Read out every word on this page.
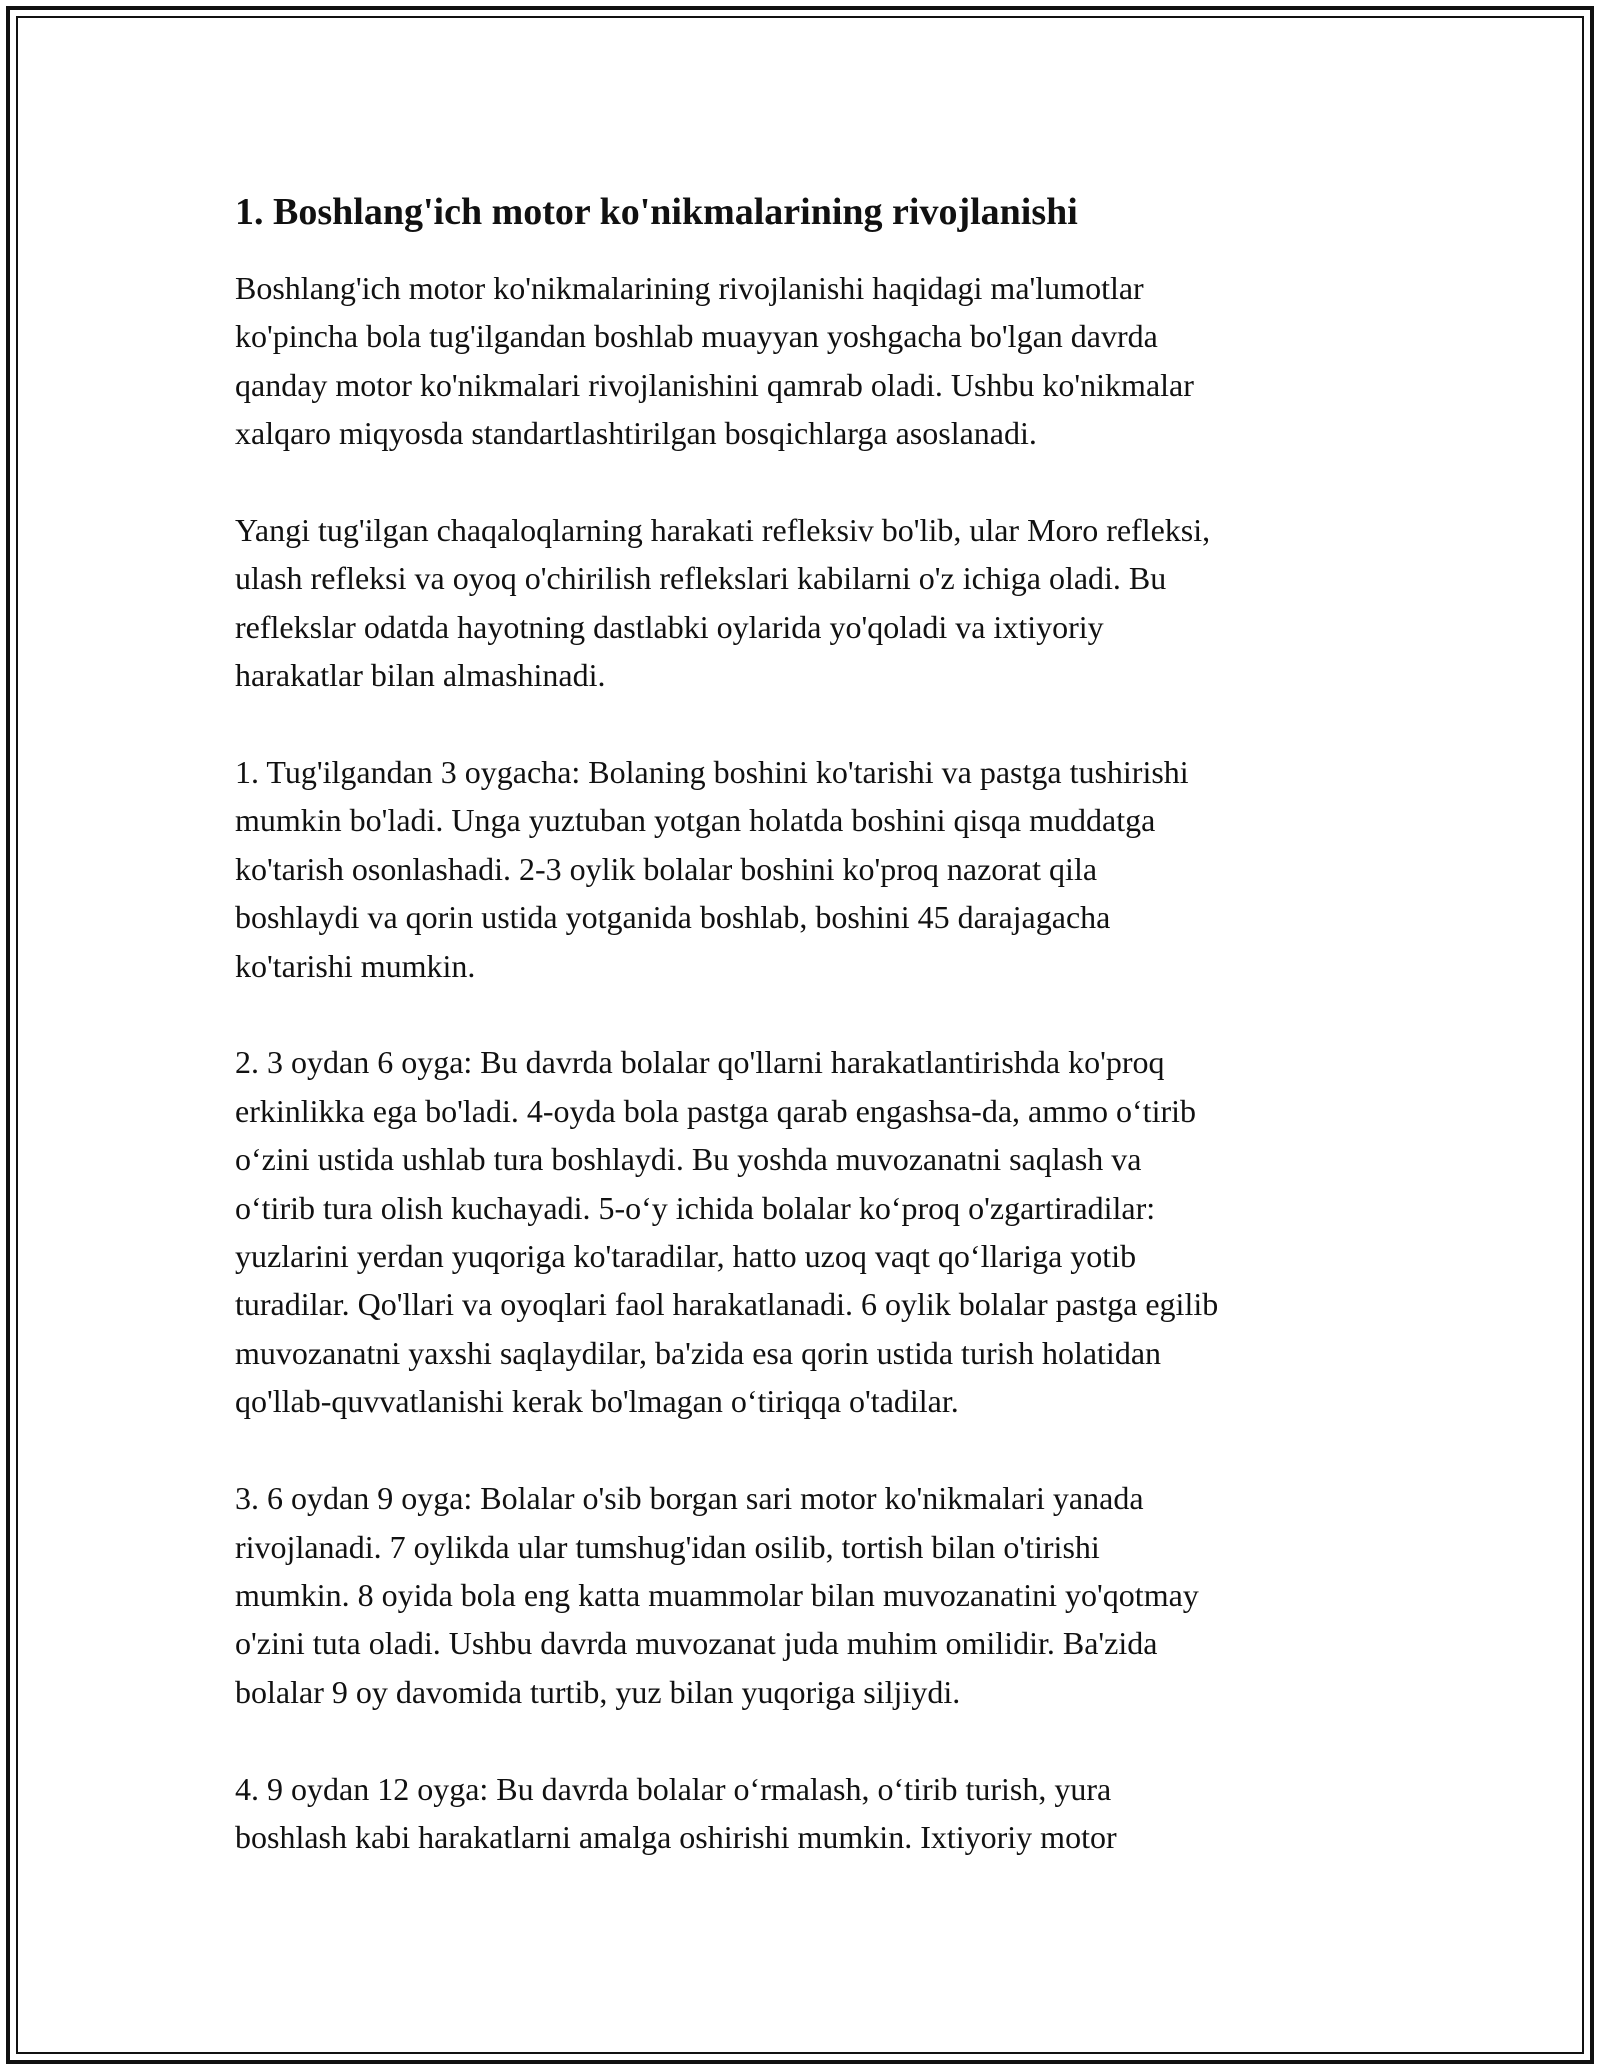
1. Boshlang'ich motor ko'nikmalarining rivojlanishi

Boshlang'ich motor ko'nikmalarining rivojlanishi haqidagi ma'lumotlar
ko'pincha bola tug'ilgandan boshlab muayyan yoshgacha bo'lgan davrda
qanday motor ko'nikmalari rivojlanishini qamrab oladi. Ushbu ko'nikmalar
xalqaro miqyosda standartlashtirilgan bosqichlarga asoslanadi.

Yangi tug'ilgan chaqaloqlarning harakati refleksiv bo'lib, ular Moro refleksi,
ulash refleksi va oyoq o'chirilish reflekslari kabilarni o'z ichiga oladi. Bu
reflekslar odatda hayotning dastlabki oylarida yo'qoladi va ixtiyoriy
harakatlar bilan almashinadi.

1. Tug'ilgandan 3 oygacha: Bolaning boshini ko'tarishi va pastga tushirishi
mumkin bo'ladi. Unga yuztuban yotgan holatda boshini qisqa muddatga
ko'tarish osonlashadi. 2-3 oylik bolalar boshini ko'proq nazorat qila
boshlaydi va qorin ustida yotganida boshlab, boshini 45 darajagacha
ko'tarishi mumkin.

2. 3 oydan 6 oyga: Bu davrda bolalar qo'llarni harakatlantirishda ko'proq
erkinlikka ega bo'ladi. 4-oyda bola pastga qarab engashsa-da, ammo o‘tirib
o‘zini ustida ushlab tura boshlaydi. Bu yoshda muvozanatni saqlash va
o‘tirib tura olish kuchayadi. 5-o‘y ichida bolalar ko‘proq o'zgartiradilar:
yuzlarini yerdan yuqoriga ko'taradilar, hatto uzoq vaqt qo‘llariga yotib
turadilar. Qo'llari va oyoqlari faol harakatlanadi. 6 oylik bolalar pastga egilib
muvozanatni yaxshi saqlaydilar, ba'zida esa qorin ustida turish holatidan
qo'llab-quvvatlanishi kerak bo'lmagan o‘tiriqqa o'tadilar.

3. 6 oydan 9 oyga: Bolalar o'sib borgan sari motor ko'nikmalari yanada
rivojlanadi. 7 oylikda ular tumshug'idan osilib, tortish bilan o'tirishi
mumkin. 8 oyida bola eng katta muammolar bilan muvozanatini yo'qotmay
o'zini tuta oladi. Ushbu davrda muvozanat juda muhim omilidir. Ba'zida
bolalar 9 oy davomida turtib, yuz bilan yuqoriga siljiydi.

4. 9 oydan 12 oyga: Bu davrda bolalar o‘rmalash, o‘tirib turish, yura
boshlash kabi harakatlarni amalga oshirishi mumkin. Ixtiyoriy motor
